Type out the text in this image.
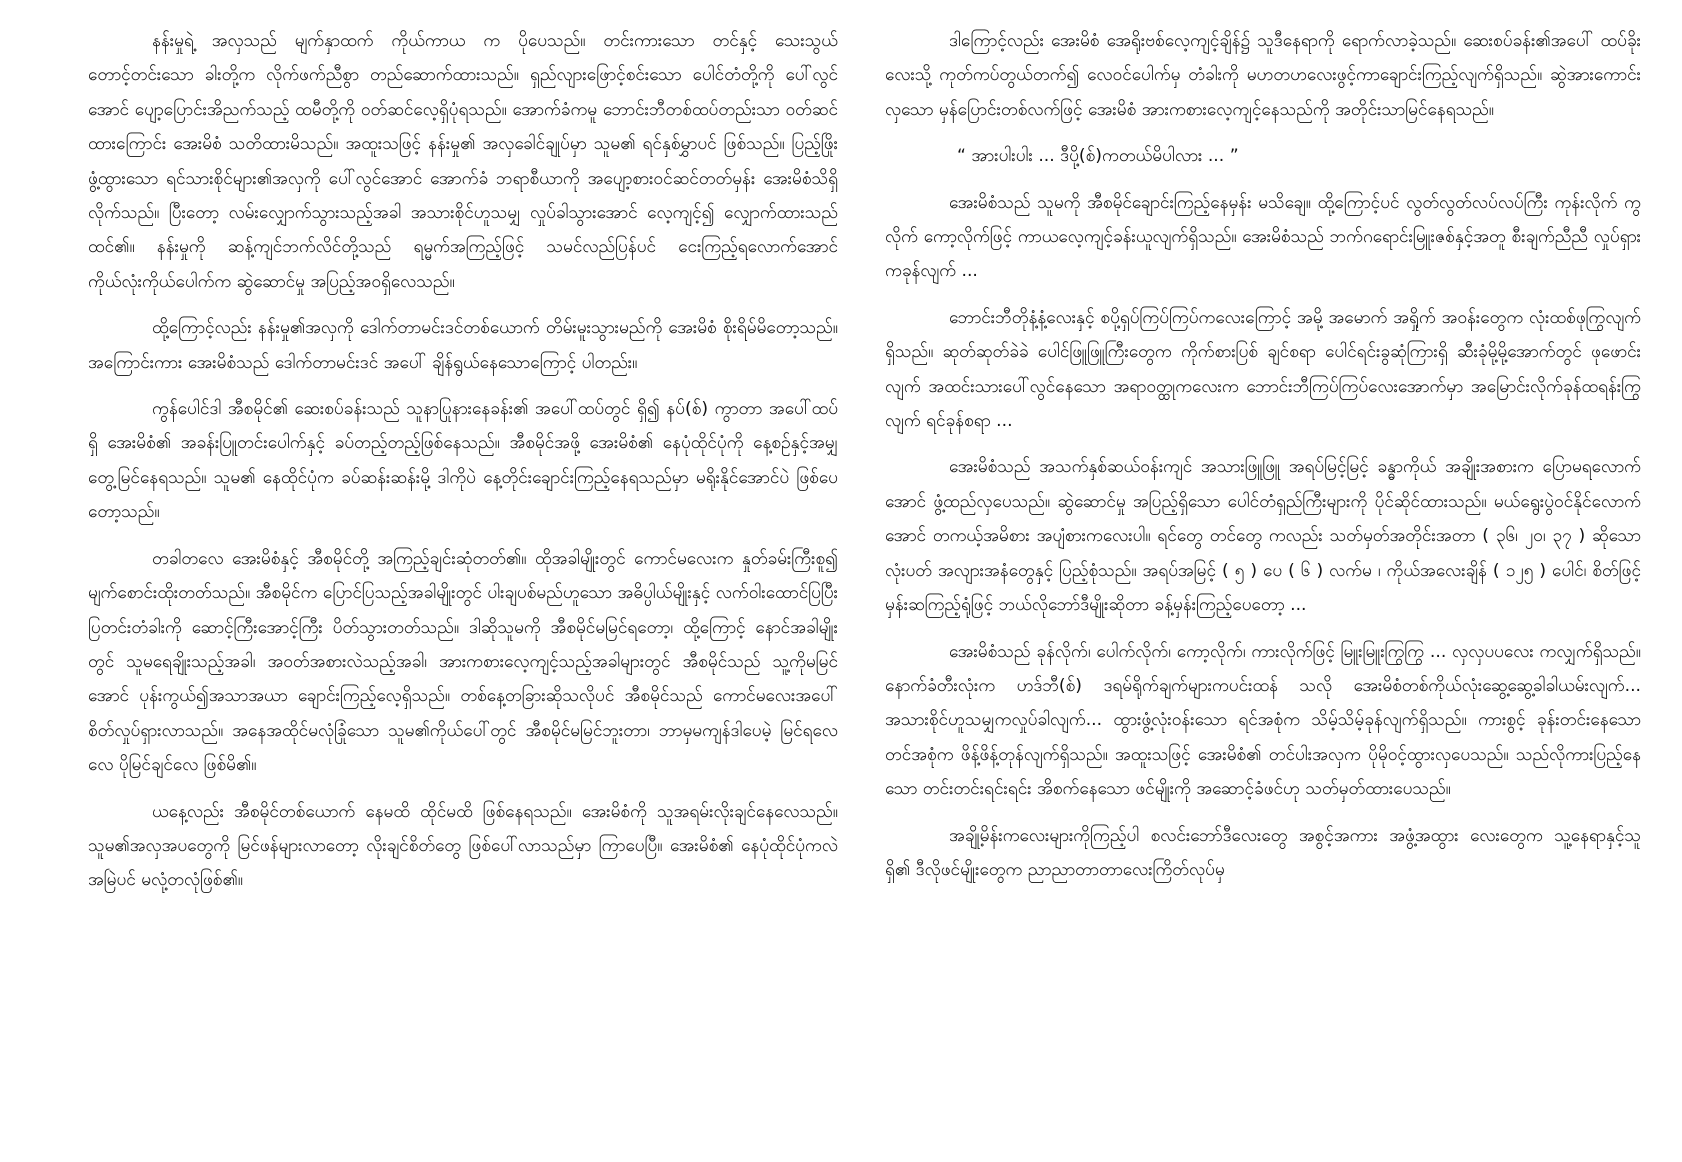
နန်းမှုရဲ့ အလှသည် မျက်နှာထက် ကိုယ်ကာယ က ပိုပေသည်။ တင်းကားသော တင်နှင့် သေးသွယ်တောင့်တင်းသော ခါးတို့က လိုက်ဖက်ညီစွာ တည်ဆောက်ထားသည်။ ရှည်လျားဖြောင့်စင်းသော ပေါင်တံတို့ကို ပေါ်လွင်အောင် ပျော့ပြောင်းအိညက်သည့် ထမီတို့ကို ဝတ်ဆင်လေ့ရှိပုံရသည်။ အောက်ခံကမူ ဘောင်းဘီတစ်ထပ်တည်းသာ ဝတ်ဆင်ထားကြောင်း အေးမိစံ သတိထားမိသည်။ အထူးသဖြင့် နန်းမှု၏ အလှခေါင်ချုပ်မှာ သူမ၏ ရင်နှစ်မွှာပင် ဖြစ်သည်။ ပြည့်ဖြိုးဖွံ့ထွားသော ရင်သားစိုင်များ၏အလှကို ပေါ်လွင်အောင် အောက်ခံ ဘရာစီယာကို အပျော့စားဝင်ဆင်တတ်မှန်း အေးမိစံသိရှိလိုက်သည်။ ပြီးတော့ လမ်းလျှောက်သွားသည့်အခါ အသားစိုင်ဟူသမျှ လှုပ်ခါသွားအောင် လေ့ကျင့်၍ လျှောက်ထားသည် ထင်၏။ နန်းမှုကို ဆန့်ကျင်ဘက်လိင်တို့သည် ရမ္မက်အကြည့်ဖြင့် သမင်လည်ပြန်ပင် ငေးကြည့်ရလောက်အောင် ကိုယ်လုံးကိုယ်ပေါက်က ဆွဲဆောင်မှု အပြည့်အဝရှိလေသည်။

ထို့ကြောင့်လည်း နန်းမှု၏အလှကို ဒေါက်တာမင်းဒင်တစ်ယောက် တိမ်းမူးသွားမည်ကို အေးမိစံ စိုးရိမ်မိတော့သည်။ အကြောင်းကား အေးမိစံသည် ဒေါက်တာမင်းဒင် အပေါ် ချိန်ရွယ်နေသောကြောင့် ပါတည်း။

ကွန်ပေါင်ဒါ အီစမိုင်၏ ဆေးစပ်ခန်းသည် သူနာပြုနားနေခန်း၏ အပေါ်ထပ်တွင် ရှိ၍ နပ်(စ်) ကွာတာ အပေါ်ထပ်ရှိ အေးမိစံ၏ အခန်းပြူတင်းပေါက်နှင့် ခပ်တည့်တည့်ဖြစ်နေသည်။ အီစမိုင်အဖို့ အေးမိစံ၏ နေပုံထိုင်ပုံကို နေ့စဉ်နှင့်အမျှ တွေ့မြင်နေရသည်။ သူမ၏ နေထိုင်ပုံက ခပ်ဆန်းဆန်းမို့ ဒါကိုပဲ နေ့တိုင်းချောင်းကြည့်နေရသည်မှာ မရိုးနိုင်အောင်ပဲ ဖြစ်ပေတော့သည်။

တခါတလေ အေးမိစံနှင့် အီစမိုင်တို့ အကြည့်ချင်းဆုံတတ်၏။ ထိုအခါမျိုးတွင် ကောင်မလေးက နှုတ်ခမ်းကြီးစူ၍ မျက်စောင်းထိုးတတ်သည်။ အီစမိုင်က ပြောင်ပြသည့်အခါမျိုးတွင် ပါးချပစ်မည်ဟူသော အဓိပ္ပါယ်မျိုးနှင့် လက်ဝါးထောင်ပြပြီး ပြတင်းတံခါးကို ဆောင့်ကြီးအောင့်ကြီး ပိတ်သွားတတ်သည်။ ဒါဆိုသူမကို အီစမိုင်မမြင်ရတော့၊ ထို့ကြောင့် နောင်အခါမျိုးတွင် သူမရေချိုးသည့်အခါ၊ အဝတ်အစားလဲသည့်အခါ၊ အားကစားလေ့ကျင့်သည့်အခါများတွင် အီစမိုင်သည် သူ့ကိုမမြင်အောင် ပုန်းကွယ်၍အသာအယာ ချောင်းကြည့်လေ့ရှိသည်။ တစ်နေ့တခြားဆိုသလိုပင် အီစမိုင်သည် ကောင်မလေးအပေါ် စိတ်လှုပ်ရှားလာသည်။ အနေအထိုင်မလုံခြုံသော သူမ၏ကိုယ်ပေါ်တွင် အီစမိုင်မမြင်ဘူးတာ၊ ဘာမှမကျန်ဒါပေမဲ့ မြင်ရလေလေ ပိုမြင်ချင်လေ ဖြစ်မိ၏။

ယနေ့လည်း အီစမိုင်တစ်ယောက် နေမထိ ထိုင်မထိ ဖြစ်နေရသည်။ အေးမိစံကို သူအရမ်းလိုးချင်နေလေသည်။ သူမ၏အလှအပတွေကို မြင်ဖန်များလာတော့ လိုးချင်စိတ်တွေ ဖြစ်ပေါ်လာသည်မှာ ကြာပေပြီ။ အေးမိစံ၏ နေပုံထိုင်ပုံကလဲ အမြဲပင် မလုံ့တလုံဖြစ်၏။

ဒါကြောင့်လည်း အေးမိစံ အေရိုးဗစ်လေ့ကျင့်ချိန်၌ သူဒီနေရာကို ရောက်လာခဲ့သည်။ ဆေးစပ်ခန်း၏အပေါ် ထပ်ခိုးလေးသို့ ကုတ်ကပ်တွယ်တက်၍ လေဝင်ပေါက်မှ တံခါးကို မဟတဟလေးဖွင့်ကာချောင်းကြည့်လျက်ရှိသည်။ ဆွဲအားကောင်းလှသော မှန်ပြောင်းတစ်လက်ဖြင့် အေးမိစံ အားကစားလေ့ကျင့်နေသည်ကို အတိုင်းသာမြင်နေရသည်။

“ အားပါးပါး ... ဒီပို့(စ်)ကတယ်မိပါလား ... ”

အေးမိစံသည် သူမကို အီစမိုင်ချောင်းကြည့်နေမှန်း မသိချေ။ ထို့ကြောင့်ပင် လွတ်လွတ်လပ်လပ်ကြီး ကုန်းလိုက် ကွလိုက် ကော့လိုက်ဖြင့် ကာယလေ့ကျင့်ခန်းယူလျက်ရှိသည်။ အေးမိစံသည် ဘက်ဂရောင်းမြူးဇစ်နှင့်အတူ စီးချက်ညီညီ လှုပ်ရှားကခုန်လျက် ...

ဘောင်းဘီတိုနံ့နံ့လေးနှင့် စပို့ရှပ်ကြပ်ကြပ်ကလေးကြောင့် အမို့ အမောက် အရှိုက် အဝန်းတွေက လုံးထစ်ဖုကြွလျက်ရှိသည်။ ဆုတ်ဆုတ်ခဲခဲ ပေါင်ဖြူဖြူကြီးတွေက ကိုက်စားပြစ် ချင်စရာ ပေါင်ရင်းခွဆုံကြားရှိ ဆီးခုံမို့မို့အောက်တွင် ဖုဖောင်းလျက် အထင်းသားပေါ်လွင်နေသော အရာဝတ္ထုကလေးက ဘောင်းဘီကြပ်ကြပ်လေးအောက်မှာ အမြောင်းလိုက်ခုန်ထရန်းကြွလျက် ရင်ခုန်စရာ ...

အေးမိစံသည် အသက်နှစ်ဆယ်ဝန်းကျင် အသားဖြူဖြူ အရပ်မြင့်မြင့် ခန္ဓာကိုယ် အချိုးအစားက ပြောမရလောက်အောင် ဖွံ့ထည်လှပေသည်။ ဆွဲဆောင်မှု အပြည့်ရှိသော ပေါင်တံရှည်ကြီးများကို ပိုင်ဆိုင်ထားသည်။ မယ်ရွေးပွဲဝင်နိုင်လောက်အောင် တကယ့်အမိစား အပျံစားကလေးပါ။ ရင်တွေ တင်တွေ ကလည်း သတ်မှတ်အတိုင်းအတာ ( ၃၆၊ ၂၀၊ ၃၇ ) ဆိုသော လုံးပတ် အလျားအနံတွေနှင့် ပြည့်စုံသည်။ အရပ်အမြင့် ( ၅ ) ပေ ( ၆ ) လက်မ ၊ ကိုယ်အလေးချိန် ( ၁၂၅ ) ပေါင်၊ စိတ်ဖြင့် မှန်းဆကြည့်ရုံဖြင့် ဘယ်လိုဘော်ဒီမျိုးဆိုတာ ခန့်မှန်းကြည့်ပေတော့ ...

အေးမိစံသည် ခုန်လိုက်၊ ပေါက်လိုက်၊ ကော့လိုက်၊ ကားလိုက်ဖြင့် မြူးမြူးကြွကြွ ... လှလှပပလေး ကလျှက်ရှိသည်။ နောက်ခံတီးလုံးက ဟဒ်ဘီ(စ်) ဒရမ်ရိုက်ချက်များကပင်းထန် သလို အေးမိစံတစ်ကိုယ်လုံးဆွေ့ဆွေ့ခါခါယမ်းလျက်... အသားစိုင်ဟူသမျှကလှုပ်ခါလျက်... ထွားဖွံ့လုံးဝန်းသော ရင်အစုံက သိမ့်သိမ့်ခုန်လျက်ရှိသည်။ ကားစွင့် ခုန်းတင်းနေသော တင်အစုံက ဖိန့်ဖိန့်တုန်လျက်ရှိသည်။ အထူးသဖြင့် အေးမိစံ၏ တင်ပါးအလှက ပိုမိုဝင့်ထွားလှပေသည်။ သည်လိုကားပြည့်နေသော တင်းတင်းရင်းရင်း အိစက်နေသော ဖင်မျိုးကို အဆောင့်ခံဖင်ဟု သတ်မှတ်ထားပေသည်။

အချို့မိန်းကလေးများကိုကြည့်ပါ စလင်းဘော်ဒီလေးတွေ အစွင့်အကား အဖွံ့အထွား လေးတွေက သူ့နေရာနှင့်သူ ရှိ၏ ဒီလိုဖင်မျိုးတွေက ညာညာတာတာလေးကြိတ်လုပ်မှ
